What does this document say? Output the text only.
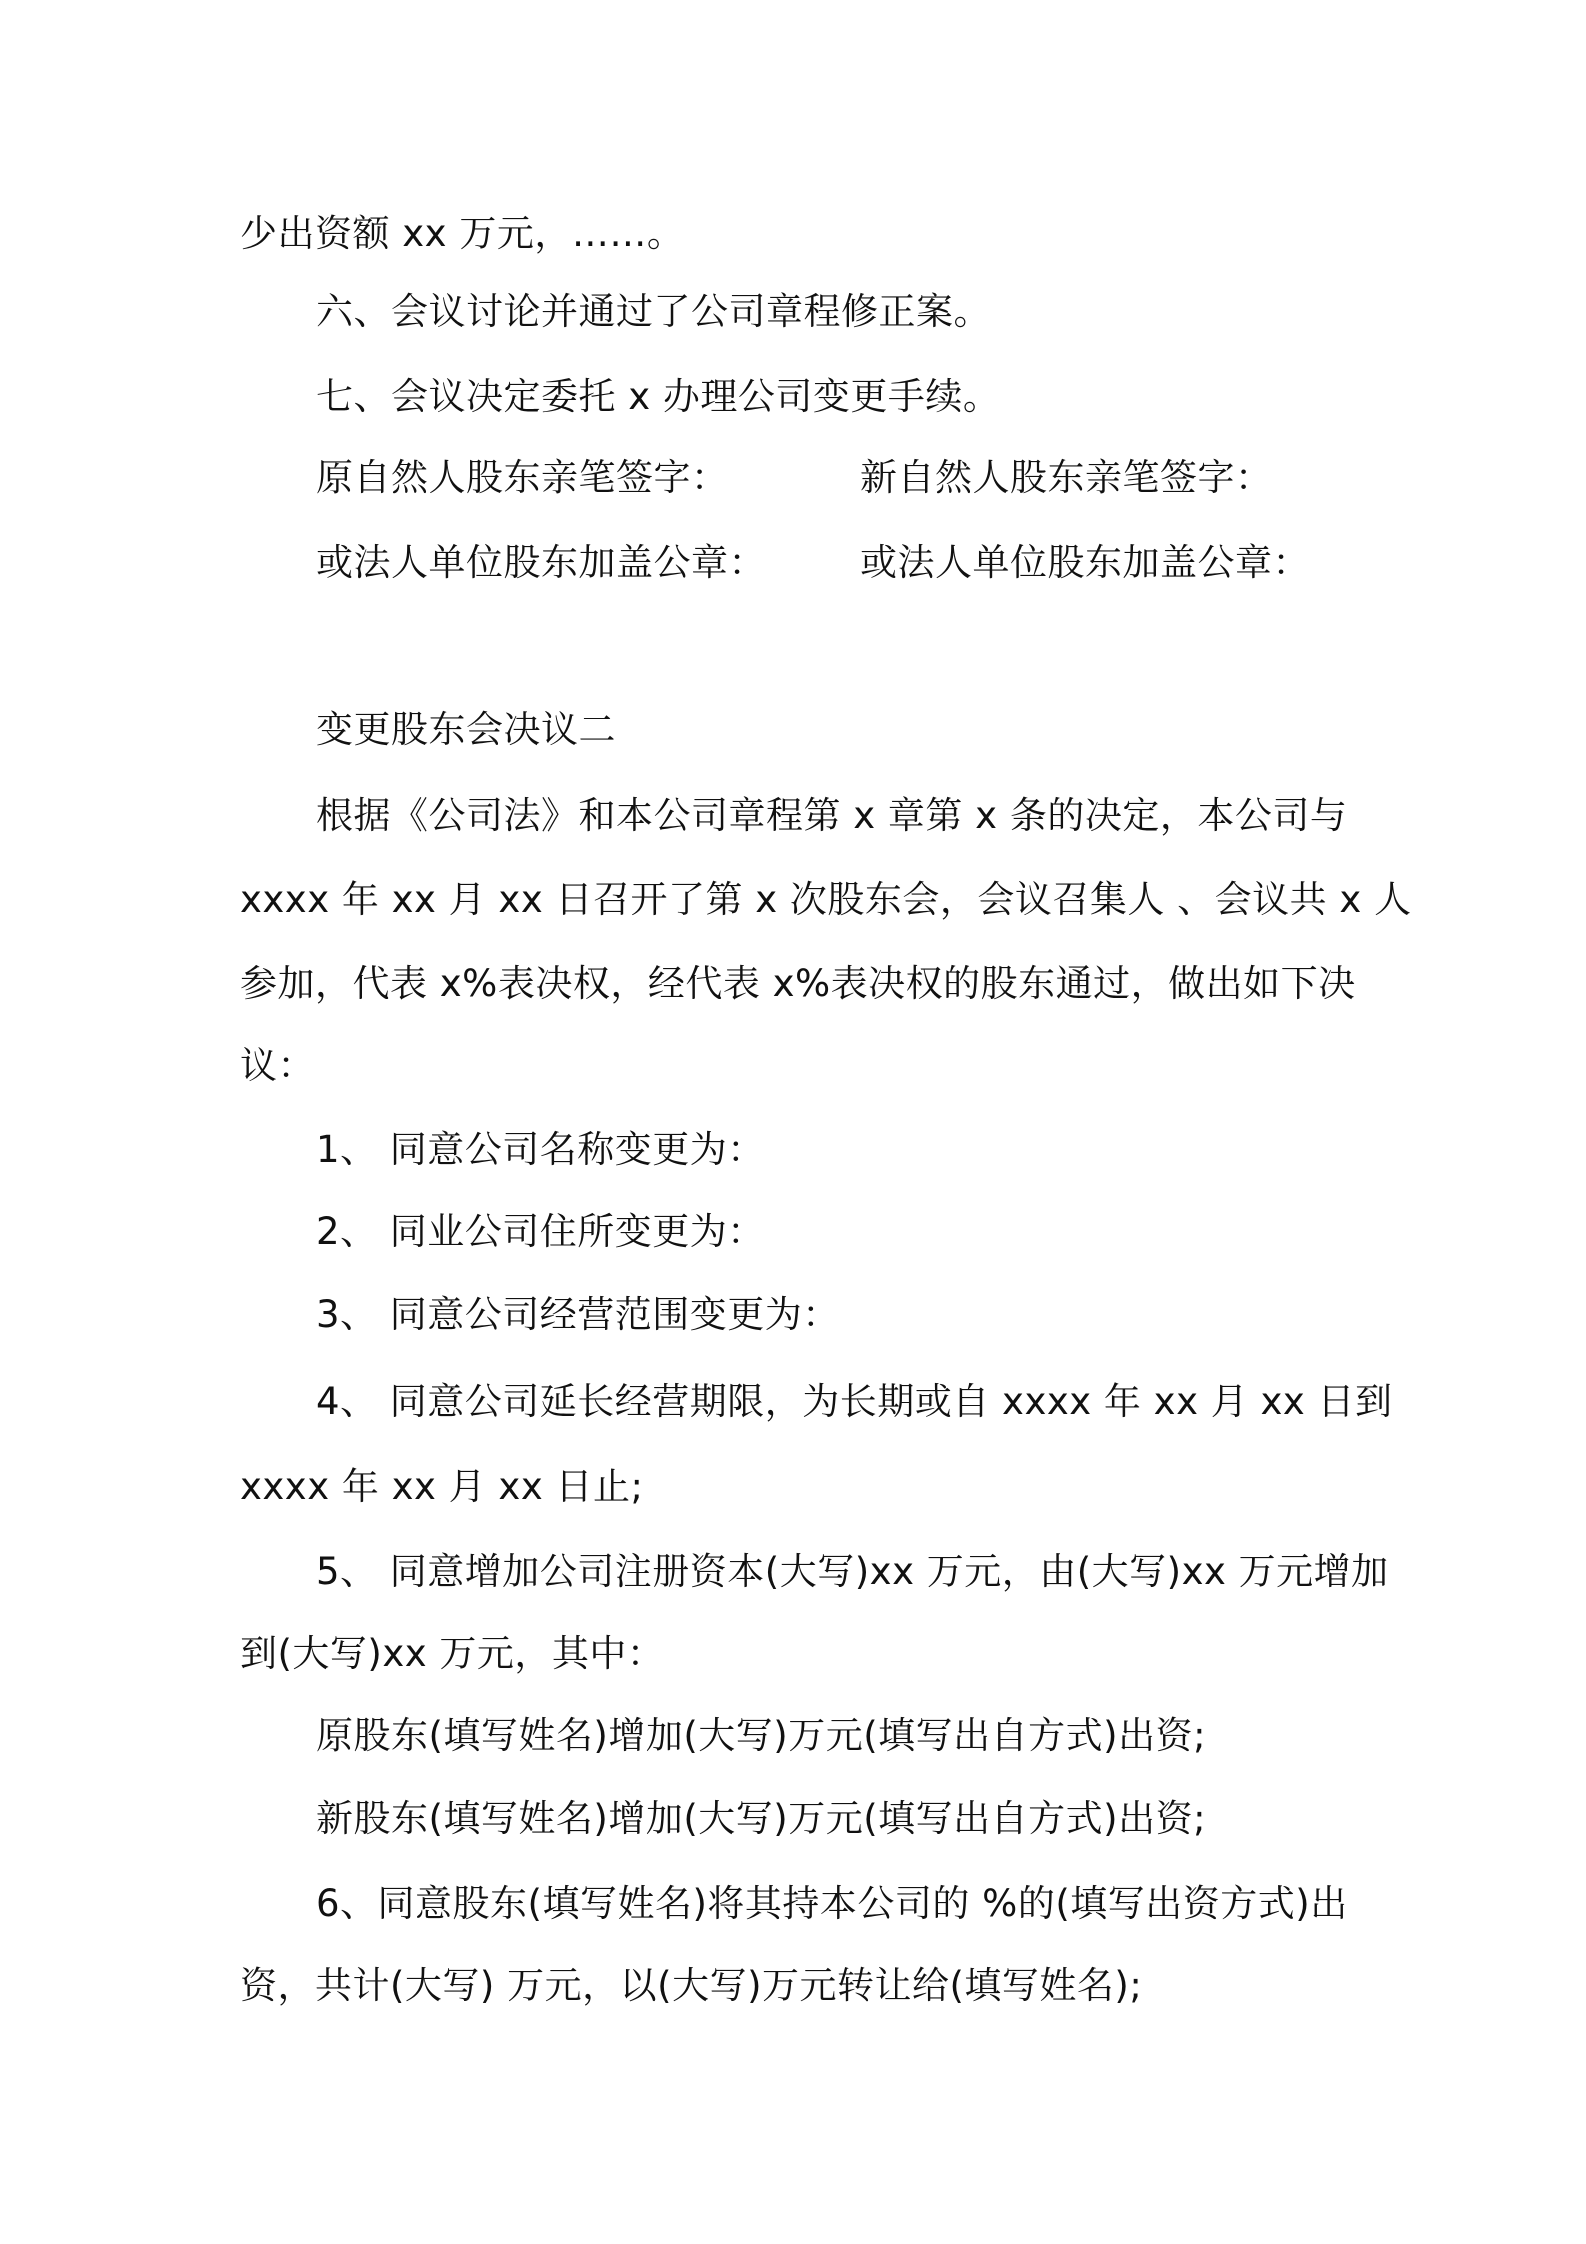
少出资额 xx 万元，……。
六、会议讨论并通过了公司章程修正案。
七、会议决定委托 x 办理公司变更手续。
原自然人股东亲笔签字：	新自然人股东亲笔签字：
或法人单位股东加盖公章：	或法人单位股东加盖公章：
变更股东会决议二
根据《公司法》和本公司章程第 x 章第 x 条的决定，本公司与
xxxx 年 xx 月 xx 日召开了第 x 次股东会，会议召集人 、会议共 x 人
参加，代表 x%表决权，经代表 x%表决权的股东通过，做出如下决
议：
1、 同意公司名称变更为：
2、 同业公司住所变更为：
3、 同意公司经营范围变更为：
4、 同意公司延长经营期限，为长期或自 xxxx 年 xx 月 xx 日到
xxxx 年 xx 月 xx 日止;
5、 同意增加公司注册资本(大写)xx 万元，由(大写)xx 万元增加
到(大写)xx 万元，其中：
原股东(填写姓名)增加(大写)万元(填写出自方式)出资;
新股东(填写姓名)增加(大写)万元(填写出自方式)出资;
6、同意股东(填写姓名)将其持本公司的 %的(填写出资方式)出
资，共计(大写) 万元，以(大写)万元转让给(填写姓名);
